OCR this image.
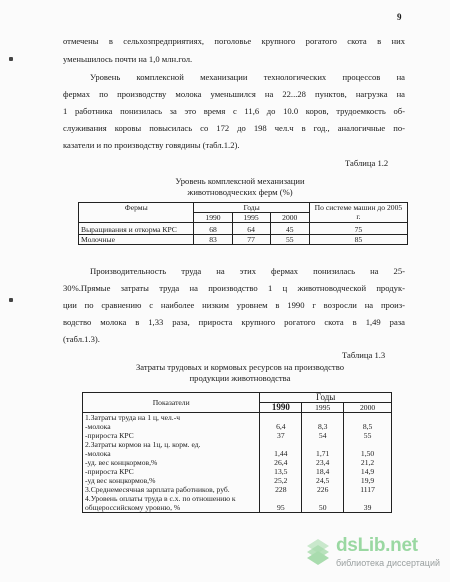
9
отмечены в сельхозпредприятиях, поголовье крупного рогатого скота в них
уменьшилось почти на 1,0 млн.гол.
Уровень комплексной механизации технологических процессов на
фермах по производству молока уменьшился на 22...28 пунктов, нагрузка на
1 работника понизилась за это время с 11,6 до 10.0 коров, трудоемкость об-
служивания коровы повысилась со 172 до 198 чел.ч в год., аналогичные по-
казатели и по производству говядины (табл.1.2).
Таблица 1.2
Уровень комплексной механизации
животноводческих ферм (%)
Фермы	Годы			По системе машин до 2005 г.
	1990	1995	2000	
Выращивания и откорма КРС	68	64	45	75
Молочные	83	77	55	85
Производительность труда на этих фермах понизилась на 25-
30%.Прямые затраты труда на производство 1 ц животноводческой продук-
ции по сравнению с наиболее низким уровнем в 1990 г возросли на произ-
водство молока в 1,33 раза, прироста крупного рогатого скота в 1,49 раза
(табл.1.3).
Таблица 1.3
Затраты трудовых и кормовых ресурсов на производство
продукции животноводства
Показатели	Годы		
	1990	1995	2000
1.Затраты труда на 1 ц, чел.-ч			
-молока	6,4	8,3	8,5
-прироста КРС	37	54	55
2.Затраты кормов на 1ц, ц. корм. ед.			
-молока	1,44	1,71	1,50
-уд. вес концкормов,%	26,4	23,4	21,2
-прироста КРС	13,5	18,4	14,9
-уд вес концкормов,%	25,2	24,5	19,9
3.Среднемесячная зарплата работников, руб.	228	226	1117
4.Уровень оплаты труда в с.х. по отношению к общероссийскому уровню, %	95	50	39
dsLib.net
библиотека диссертаций
